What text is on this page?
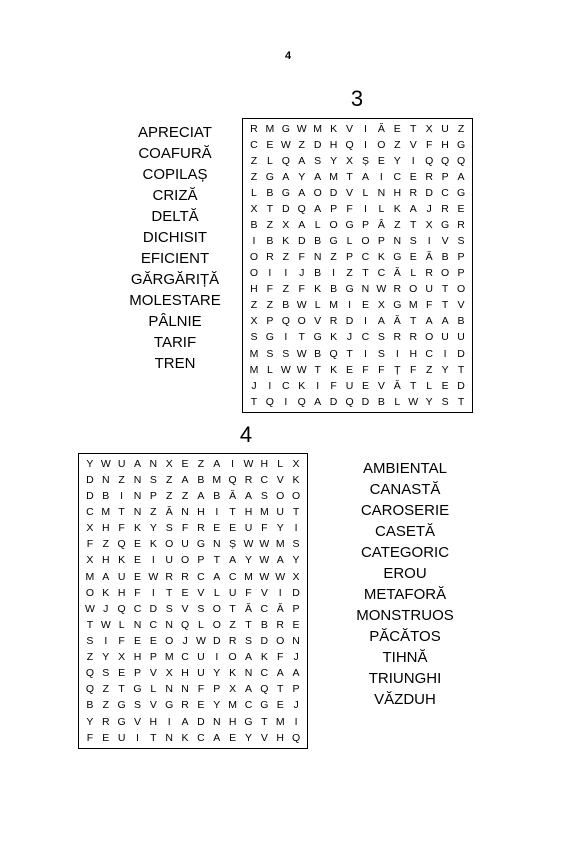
4
3
APRECIAT
COAFURĂ
COPILAȘ
CRIZĂ
DELTĂ
DICHISIT
EFICIENT
GĂRGĂRIȚĂ
MOLESTARE
PÂLNIE
TARIF
TREN
R M G W M K V	I	Ă E T X U Z
C E W Z D H Q I O Z V F H G
Z L Q A S Y X Ș E Y	I Q Q Q
Z G A Y A M T A	I	C E R P A
L B G A O D V L N H R D C G
X T D Q A P F	I	L K A J R E
B Z X A L O G P Â Z T X G R
I	B K D B G L O P N S	I	V S
O R Z F N Z P C K G E Ă B P
O I	I	J B	I	Z T C Ă L R O P
H F Z F K B G N W R O U T O
Z Z B W L M I	E X G M F T V
X P Q O V R D	I	A Ă T A A B
S G I	T G K J C S R R O U U
M S S W B Q T	I	S	I	H C	I	D
M L W W T K E F F Ț F Z Y T
J	I	C K	I	F U E V Ă T L E D
T Q I Q A D Q D B L W Y S T
4
Y W U A N X E Z A	I W H L X
D N Z N S Z A B M Q R C V K
D B	I	N P Z Z A B Ă A S O O
C M T N Z Ă N H	I	T H M U T
X H F K Y S F R E E U F Y	I
F Z Q E K O U G N Ș W W M S
X H K E	I	U O P T A Y W A Y
M A U E W R R C A C M W W X
O K H F	I	T E V L U F V	I	D
W J Q C D S V S O T Ă C Ă P
T W L N C N Q L O Z T B R E
S	I	F E E O J W D R S D O N
Z Y X H P M C U	I O A K F J
Q S E P V X H U Y K N C A A
Q Z T G L N N F P X A Q T P
B Z G S V G R E Y M C G E J
Y R G V H	I	A D N H G T M I
F E U	I	T N K C A E Y V H Q
AMBIENTAL
CANASTĂ
CAROSERIE
CASETĂ
CATEGORIC
EROU
METAFORĂ
MONSTRUOS
PĂCĂTOS
TIHNĂ
TRIUNGHI
VĂZDUH
